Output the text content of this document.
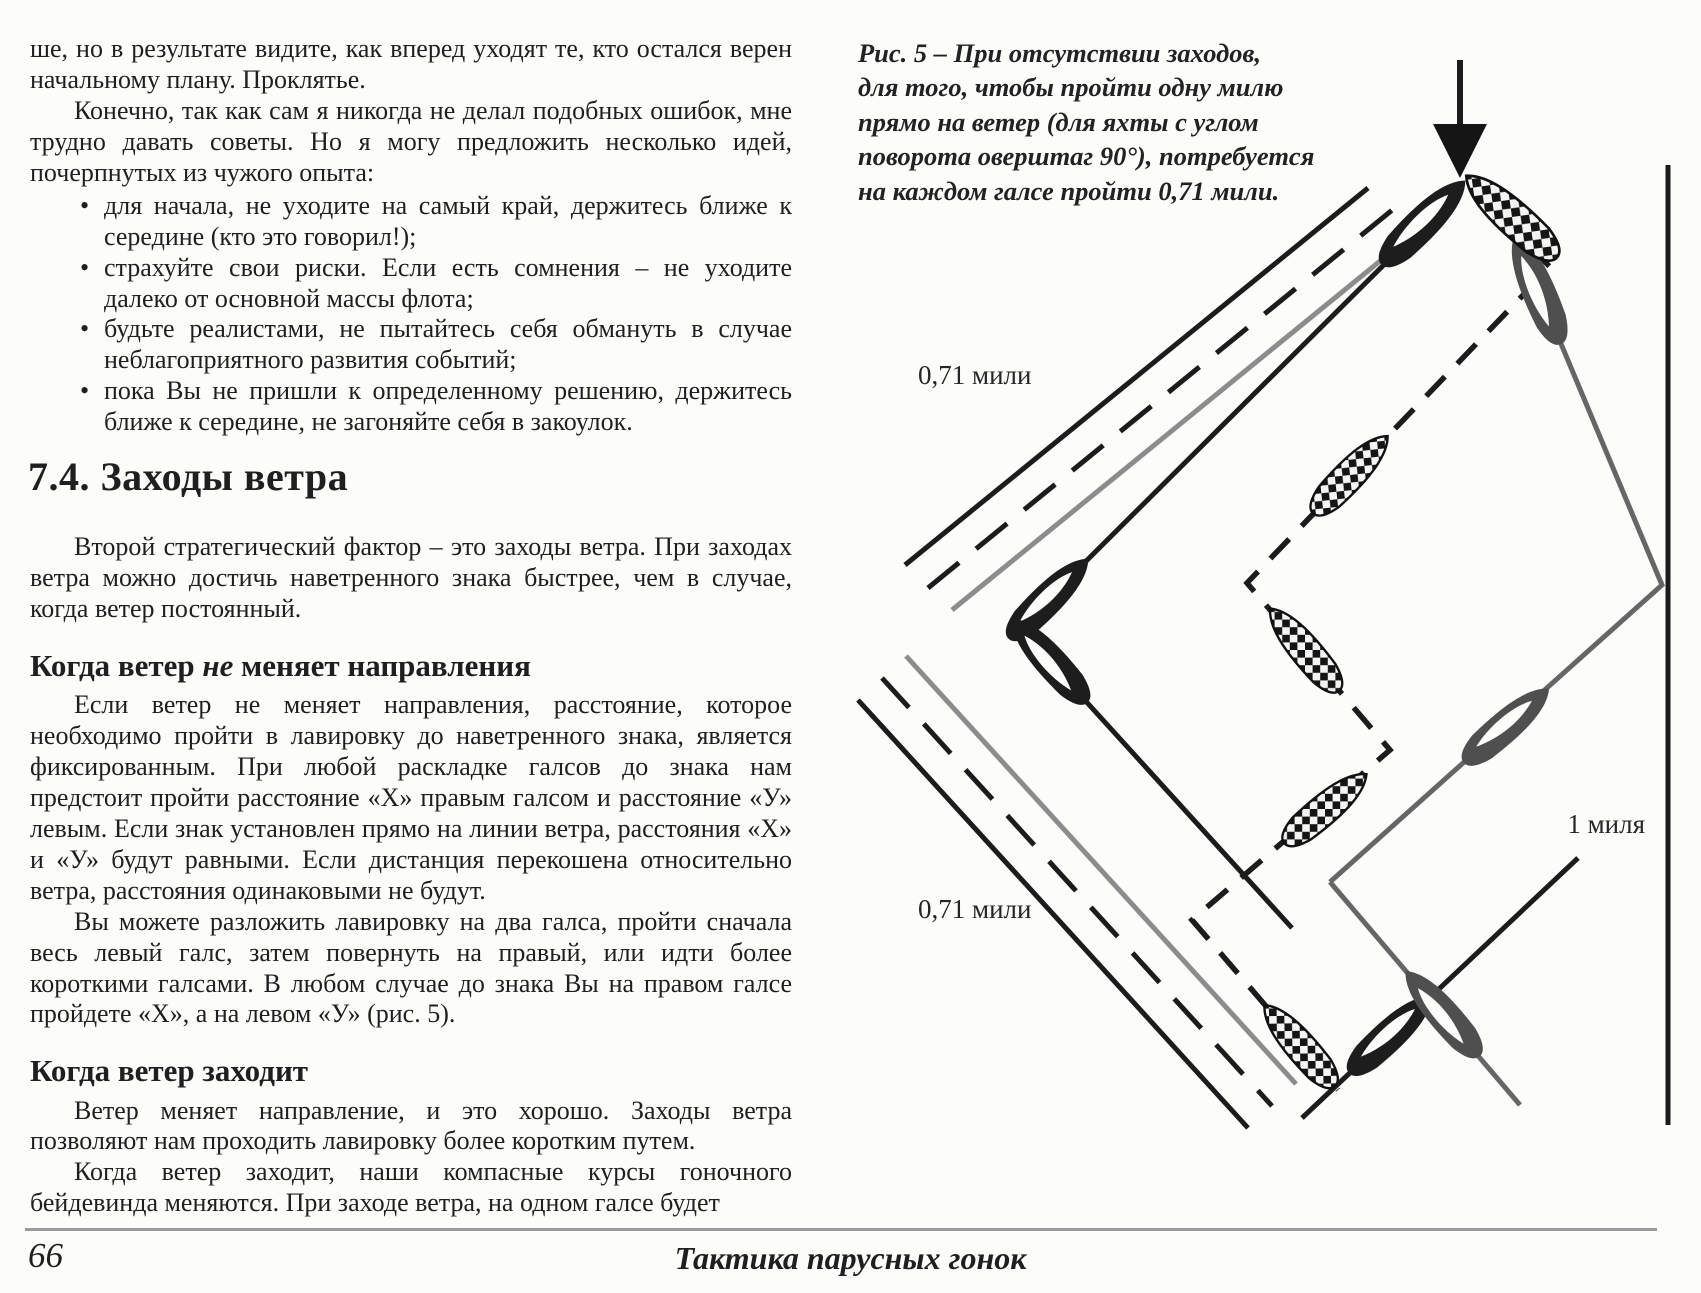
ше, но в результате видите, как вперед уходят те, кто остался верен начальному плану. Проклятье.

Конечно, так как сам я никогда не делал подобных ошибок, мне трудно давать советы. Но я могу предложить несколько идей, почерпнутых из чужого опыта:

• для начала, не уходите на самый край, держитесь ближе к середине (кто это говорил!);
• страхуйте свои риски. Если есть сомнения – не уходите далеко от основной массы флота;
• будьте реалистами, не пытайтесь себя обмануть в случае неблагоприятного развития событий;
• пока Вы не пришли к определенному решению, держитесь ближе к середине, не загоняйте себя в закоулок.
7.4. Заходы ветра

Второй стратегический фактор – это заходы ветра. При заходах ветра можно достичь наветренного знака быстрее, чем в случае, когда ветер постоянный.

Когда ветер не меняет направления

Если ветер не меняет направления, расстояние, которое необходимо пройти в лавировку до наветренного знака, является фиксированным. При любой раскладке галсов до знака нам предстоит пройти расстояние «Х» правым галсом и расстояние «У» левым. Если знак установлен прямо на линии ветра, расстояния «Х» и «У» будут равными. Если дистанция перекошена относительно ветра, расстояния одинаковыми не будут.

Вы можете разложить лавировку на два галса, пройти сначала весь левый галс, затем повернуть на правый, или идти более короткими галсами. В любом случае до знака Вы на правом галсе пройдете «Х», а на левом «У» (рис. 5).

Когда ветер заходит

Ветер меняет направление, и это хорошо. Заходы ветра позволяют нам проходить лавировку более коротким путем.

Когда ветер заходит, наши компасные курсы гоночного бейдевинда меняются. При заходе ветра, на одном галсе будет

0,71 мили
0,71 мили
1 миля
Рис. 5 – При отсутствии заходов,
для того, чтобы пройти одну милю
прямо на ветер (для яхты с углом
поворота оверштаг 90°), потребуется
на каждом галсе пройти 0,71 мили.
66	Тактика парусных гонок
